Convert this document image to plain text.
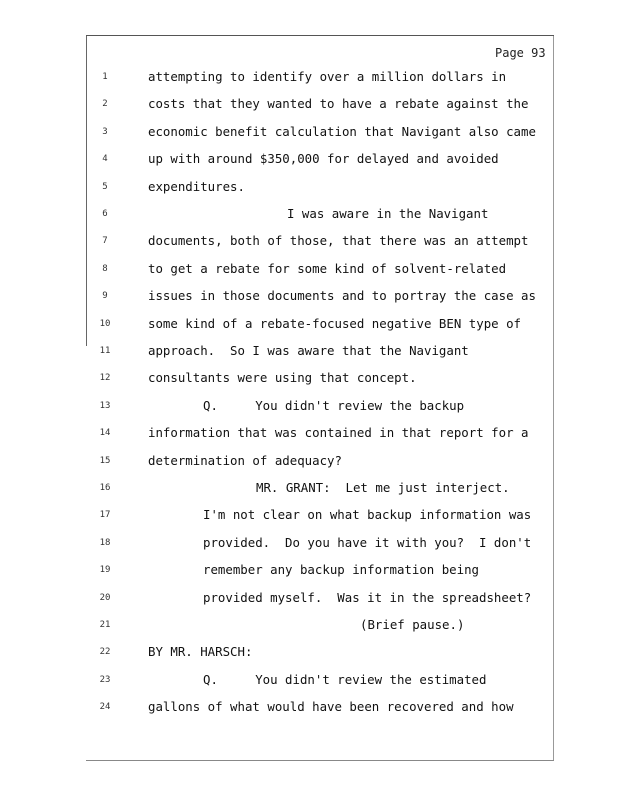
Page 93
1	attempting to identify over a million dollars in
2	costs that they wanted to have a rebate against the
3	economic benefit calculation that Navigant also came
4	up with around $350,000 for delayed and avoided
5	expenditures.
6	I was aware in the Navigant
7	documents, both of those, that there was an attempt
8	to get a rebate for some kind of solvent-related
9	issues in those documents and to portray the case as
10	some kind of a rebate-focused negative BEN type of
11	approach.  So I was aware that the Navigant
12	consultants were using that concept.
13	Q.     You didn't review the backup
14	information that was contained in that report for a
15	determination of adequacy?
16	MR. GRANT:  Let me just interject.
17	I'm not clear on what backup information was
18	provided.  Do you have it with you?  I don't
19	remember any backup information being
20	provided myself.  Was it in the spreadsheet?
21	(Brief pause.)
22	BY MR. HARSCH:
23	Q.     You didn't review the estimated
24	gallons of what would have been recovered and how
